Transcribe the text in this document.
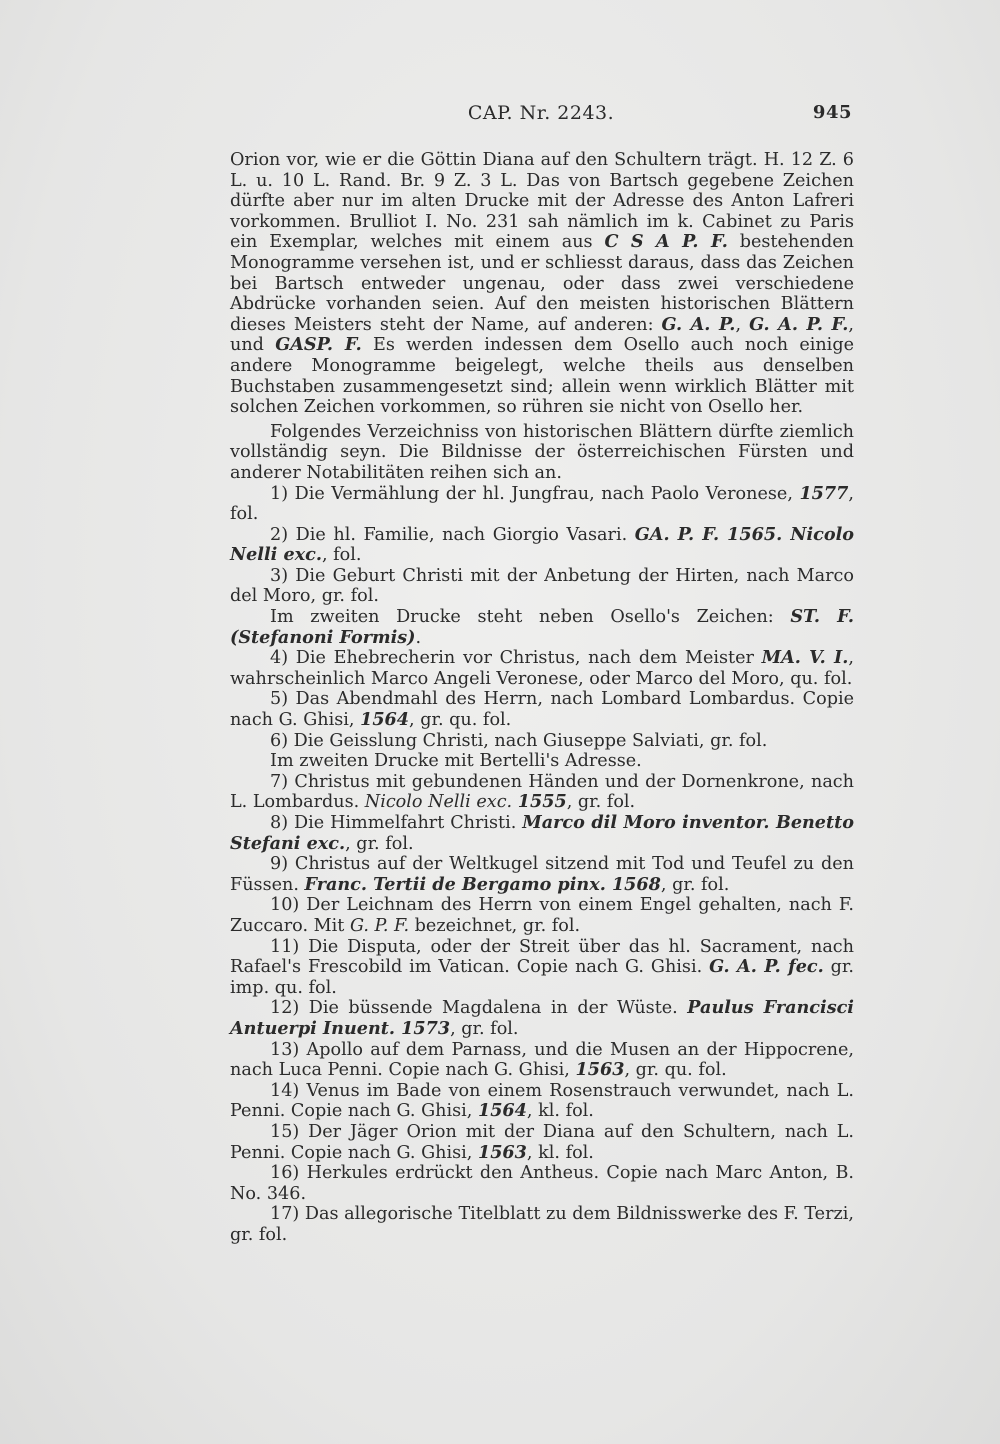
CAP. Nr. 2243.	945

Orion vor, wie er die Göttin Diana auf den Schultern trägt. H. 12 Z. 6 L. u. 10 L. Rand. Br. 9 Z. 3 L. Das von Bartsch gegebene Zeichen dürfte aber nur im alten Drucke mit der Adresse des Anton Lafreri vorkommen. Brulliot I. No. 231 sah nämlich im k. Cabinet zu Paris ein Exemplar, welches mit einem aus C S A P. F. bestehenden Monogramme versehen ist, und er schliesst daraus, dass das Zeichen bei Bartsch entweder ungenau, oder dass zwei verschiedene Abdrücke vorhanden seien. Auf den meisten historischen Blättern dieses Meisters steht der Name, auf anderen: G. A. P., G. A. P. F., und GASP. F. Es werden indessen dem Osello auch noch einige andere Monogramme beigelegt, welche theils aus denselben Buchstaben zusammengesetzt sind; allein wenn wirklich Blätter mit solchen Zeichen vorkommen, so rühren sie nicht von Osello her.

Folgendes Verzeichniss von historischen Blättern dürfte ziemlich vollständig seyn. Die Bildnisse der österreichischen Fürsten und anderer Notabilitäten reihen sich an.

1) Die Vermählung der hl. Jungfrau, nach Paolo Veronese, 1577, fol.

2) Die hl. Familie, nach Giorgio Vasari. GA. P. F. 1565. Nicolo Nelli exc., fol.

3) Die Geburt Christi mit der Anbetung der Hirten, nach Marco del Moro, gr. fol.
Im zweiten Drucke steht neben Osello's Zeichen: ST. F. (Stefanoni Formis).

4) Die Ehebrecherin vor Christus, nach dem Meister MA. V. I., wahrscheinlich Marco Angeli Veronese, oder Marco del Moro, qu. fol.

5) Das Abendmahl des Herrn, nach Lombard Lombardus. Copie nach G. Ghisi, 1564, gr. qu. fol.

6) Die Geisslung Christi, nach Giuseppe Salviati, gr. fol.
Im zweiten Drucke mit Bertelli's Adresse.

7) Christus mit gebundenen Händen und der Dornenkrone, nach L. Lombardus. Nicolo Nelli exc. 1555, gr. fol.

8) Die Himmelfahrt Christi. Marco dil Moro inventor. Benetto Stefani exc., gr. fol.

9) Christus auf der Weltkugel sitzend mit Tod und Teufel zu den Füssen. Franc. Tertii de Bergamo pinx. 1568, gr. fol.

10) Der Leichnam des Herrn von einem Engel gehalten, nach F. Zuccaro. Mit G. P. F. bezeichnet, gr. fol.

11) Die Disputa, oder der Streit über das hl. Sacrament, nach Rafael's Frescobild im Vatican. Copie nach G. Ghisi. G. A. P. fec. gr. imp. qu. fol.

12) Die büssende Magdalena in der Wüste. Paulus Francisci Antuerpi Inuent. 1573, gr. fol.

13) Apollo auf dem Parnass, und die Musen an der Hippocrene, nach Luca Penni. Copie nach G. Ghisi, 1563, gr. qu. fol.

14) Venus im Bade von einem Rosenstrauch verwundet, nach L. Penni. Copie nach G. Ghisi, 1564, kl. fol.

15) Der Jäger Orion mit der Diana auf den Schultern, nach L. Penni. Copie nach G. Ghisi, 1563, kl. fol.

16) Herkules erdrückt den Antheus. Copie nach Marc Anton, B. No. 346.

17) Das allegorische Titelblatt zu dem Bildnisswerke des F. Terzi, gr. fol.
